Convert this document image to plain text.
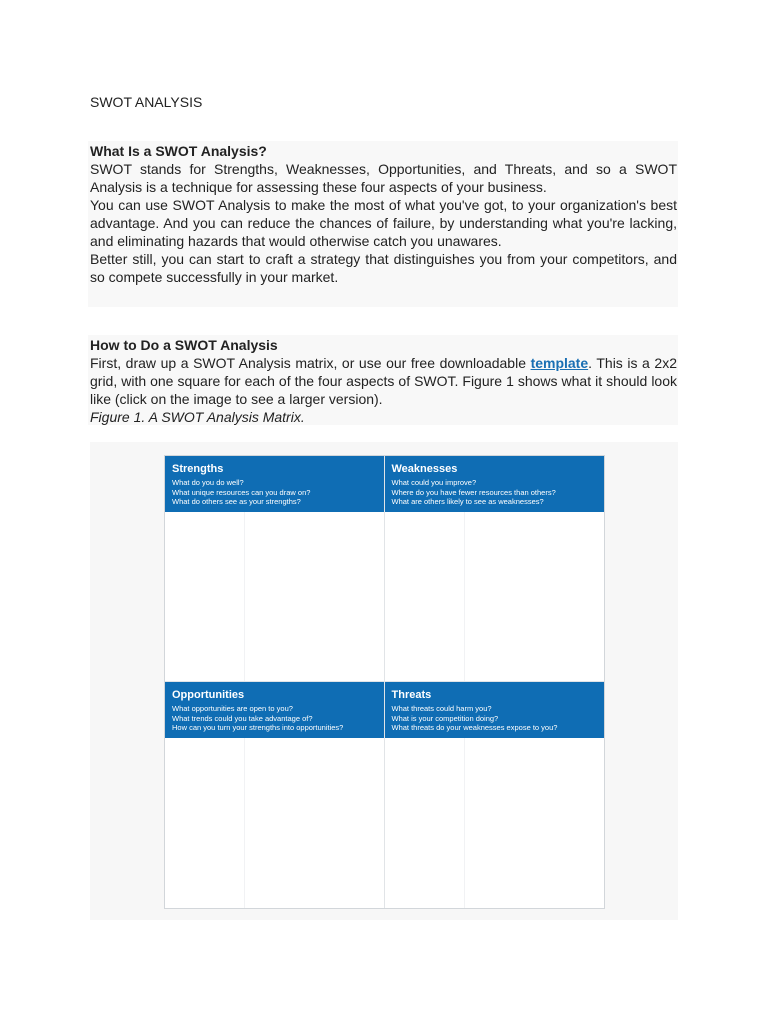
SWOT ANALYSIS

What Is a SWOT Analysis?

SWOT stands for Strengths, Weaknesses, Opportunities, and Threats, and so a SWOT Analysis is a technique for assessing these four aspects of your business.

You can use SWOT Analysis to make the most of what you've got, to your organization's best advantage. And you can reduce the chances of failure, by understanding what you're lacking, and eliminating hazards that would otherwise catch you unawares.

Better still, you can start to craft a strategy that distinguishes you from your competitors, and so compete successfully in your market.

How to Do a SWOT Analysis

First, draw up a SWOT Analysis matrix, or use our free downloadable template. This is a 2x2 grid, with one square for each of the four aspects of SWOT. Figure 1 shows what it should look like (click on the image to see a larger version).

Figure 1. A SWOT Analysis Matrix.

Strengths

What do you do well?

What unique resources can you draw on?

What do others see as your strengths?

Weaknesses

What could you improve?

Where do you have fewer resources than others?

What are others likely to see as weaknesses?

Opportunities

What opportunities are open to you?

What trends could you take advantage of?

How can you turn your strengths into opportunities?

Threats

What threats could harm you?

What is your competition doing?

What threats do your weaknesses expose to you?
